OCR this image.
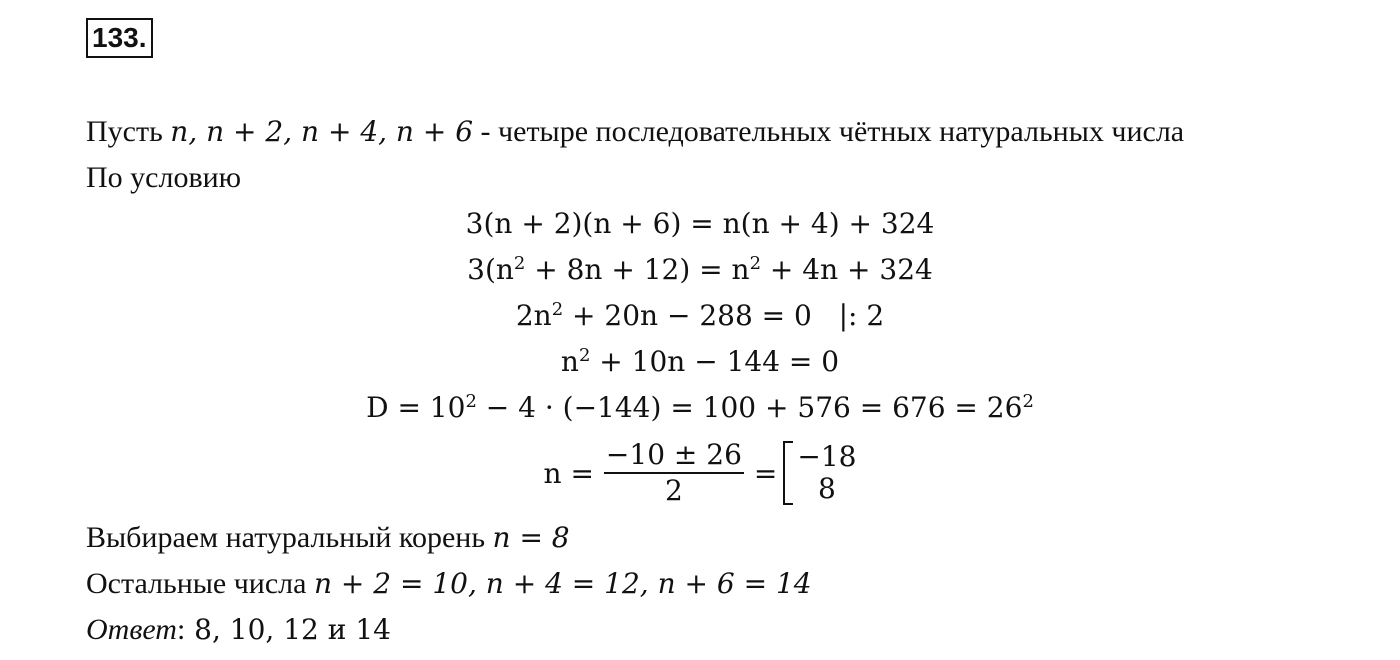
133.
Пусть n, n + 2, n + 4, n + 6 - четыре последовательных чётных натуральных числа
По условию
3(n + 2)(n + 6) = n(n + 4) + 324
$3(n^2 + 8n + 12) = n^2 + 4n + 324$
$2n^2 + 20n - 288 = 0$   |: 2
$n^2 + 10n - 144 = 0$
$D = 10^2 - 4 \cdot (-144) = 100 + 576 = 676 = 26^2$
$n = \frac{-10 \pm 26}{2} = -18$
8
Выбираем натуральный корень n = 8
Остальные числа n + 2 = 10, n + 4 = 12, n + 6 = 14
Ответ: 8, 10, 12 и 14
